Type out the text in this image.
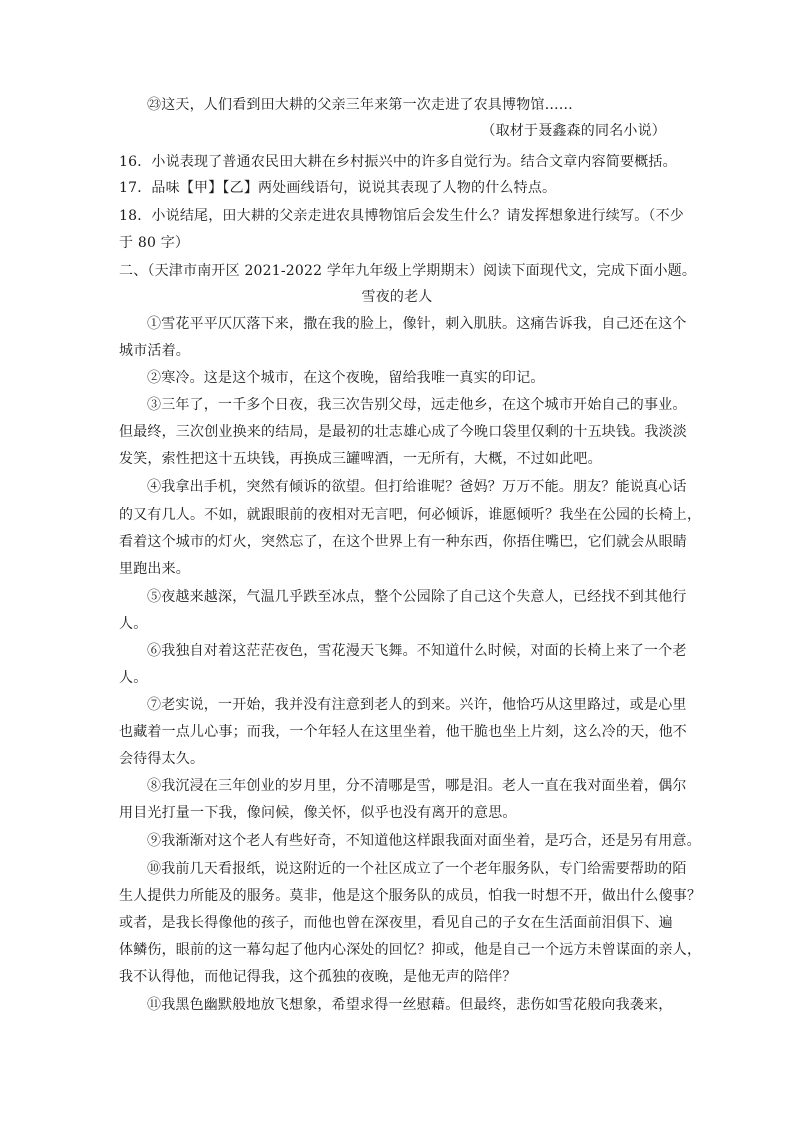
㉓这天，人们看到田大耕的父亲三年来第一次走进了农具博物馆……
（取材于聂鑫森的同名小说）
16．小说表现了普通农民田大耕在乡村振兴中的许多自觉行为。结合文章内容简要概括。
17．品味【甲】【乙】两处画线语句，说说其表现了人物的什么特点。
18．小说结尾，田大耕的父亲走进农具博物馆后会发生什么？请发挥想象进行续写。（不少
于 80 字）
二、（天津市南开区 2021-2022 学年九年级上学期期末）阅读下面现代文，完成下面小题。
雪夜的老人
①雪花平平仄仄落下来，撒在我的脸上，像针，刺入肌肤。这痛告诉我，自己还在这个
城市活着。
②寒冷。这是这个城市，在这个夜晚，留给我唯一真实的印记。
③三年了，一千多个日夜，我三次告别父母，远走他乡，在这个城市开始自己的事业。
但最终，三次创业换来的结局，是最初的壮志雄心成了今晚口袋里仅剩的十五块钱。我淡淡
发笑，索性把这十五块钱，再换成三罐啤酒，一无所有，大概，不过如此吧。
④我拿出手机，突然有倾诉的欲望。但打给谁呢？爸妈？万万不能。朋友？能说真心话
的又有几人。不如，就跟眼前的夜相对无言吧，何必倾诉，谁愿倾听？我坐在公园的长椅上，
看着这个城市的灯火，突然忘了，在这个世界上有一种东西，你捂住嘴巴，它们就会从眼睛
里跑出来。
⑤夜越来越深，气温几乎跌至冰点，整个公园除了自己这个失意人，已经找不到其他行
人。
⑥我独自对着这茫茫夜色，雪花漫天飞舞。不知道什么时候，对面的长椅上来了一个老
人。
⑦老实说，一开始，我并没有注意到老人的到来。兴许，他恰巧从这里路过，或是心里
也藏着一点儿心事；而我，一个年轻人在这里坐着，他干脆也坐上片刻，这么冷的天，他不
会待得太久。
⑧我沉浸在三年创业的岁月里，分不清哪是雪，哪是泪。老人一直在我对面坐着，偶尔
用目光打量一下我，像问候，像关怀，似乎也没有离开的意思。
⑨我渐渐对这个老人有些好奇，不知道他这样跟我面对面坐着，是巧合，还是另有用意。
⑩我前几天看报纸，说这附近的一个社区成立了一个老年服务队，专门给需要帮助的陌
生人提供力所能及的服务。莫非，他是这个服务队的成员，怕我一时想不开，做出什么傻事？
或者，是我长得像他的孩子，而他也曾在深夜里，看见自己的子女在生活面前泪俱下、遍
体鳞伤，眼前的这一幕勾起了他内心深处的回忆？抑或，他是自己一个远方未曾谋面的亲人，
我不认得他，而他记得我，这个孤独的夜晚，是他无声的陪伴？
⑪我黑色幽默般地放飞想象，希望求得一丝慰藉。但最终，悲伤如雪花般向我袭来，
